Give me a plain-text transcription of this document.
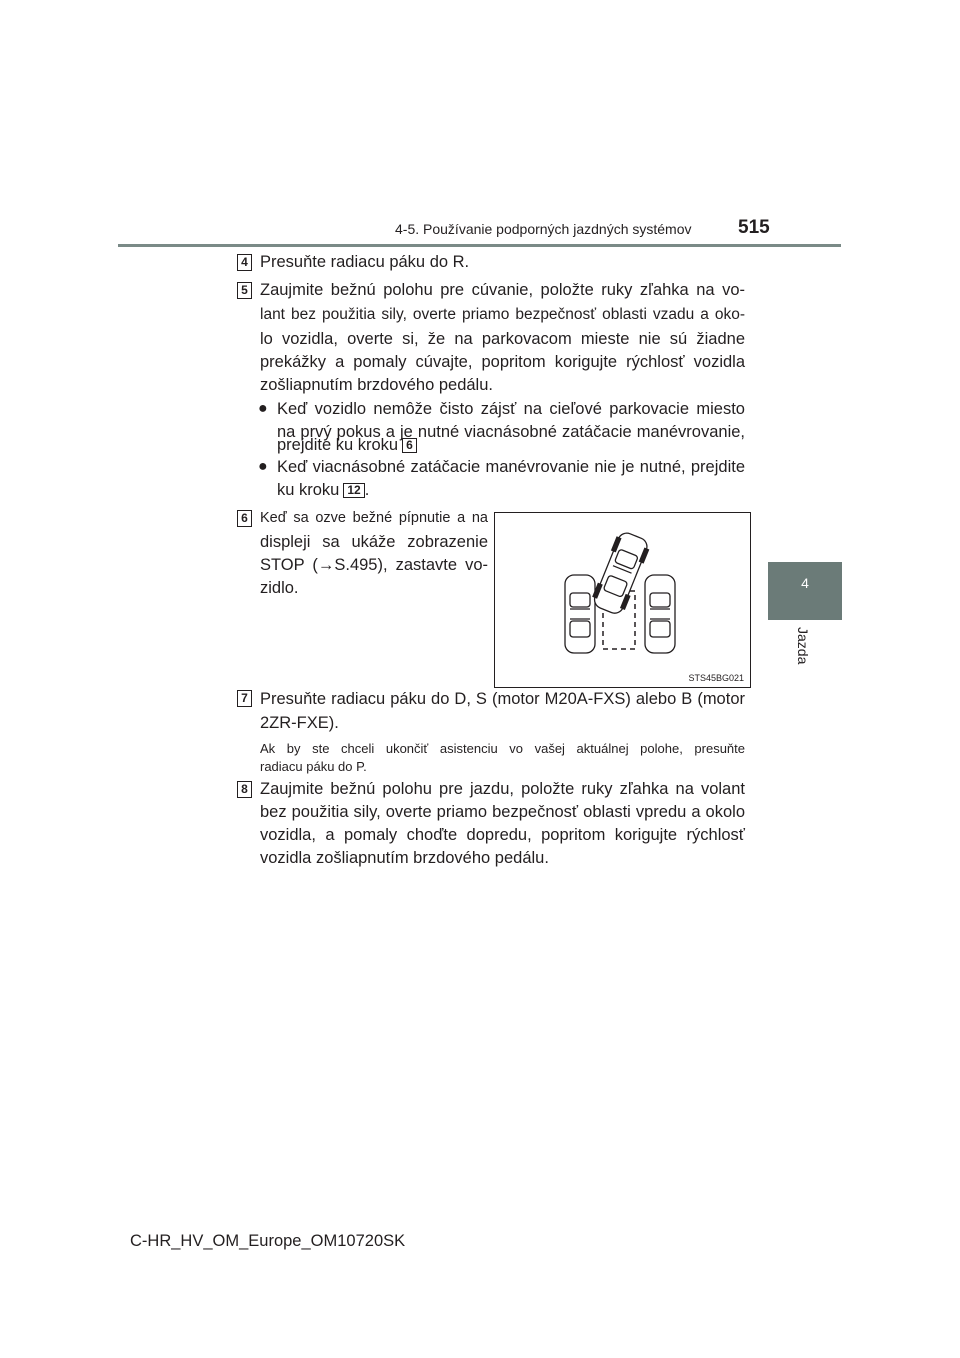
4-5. Používanie podporných jazdných systémov 515
4
Jazda
4 Presuňte radiacu páku do R.
5 Zaujmite bežnú polohu pre cúvanie, položte ruky zľahka na vo-
lant bez použitia sily, overte priamo bezpečnosť oblasti vzadu a oko-
lo vozidla, overte si, že na parkovacom mieste nie sú žiadne
prekážky a pomaly cúvajte, popritom korigujte rýchlosť vozidla
zošliapnutím brzdového pedálu.
● Keď vozidlo nemôže čisto zájsť na cieľové parkovacie miesto
na prvý pokus a je nutné viacnásobné zatáčacie manévrovanie,
prejdite ku kroku 6
● Keď viacnásobné zatáčacie manévrovanie nie je nutné, prejdite
ku kroku 12 .
6 Keď sa ozve bežné pípnutie a na
displeji sa ukáže zobrazenie
STOP (→S.495), zastavte vo-
zidlo.
STS45BG021
7 Presuňte radiacu páku do D, S (motor M20A-FXS) alebo B (motor
2ZR-FXE).
Ak by ste chceli ukončiť asistenciu vo vašej aktuálnej polohe, presuňte
radiacu páku do P.
8 Zaujmite bežnú polohu pre jazdu, položte ruky zľahka na volant
bez použitia sily, overte priamo bezpečnosť oblasti vpredu a okolo
vozidla, a pomaly choďte dopredu, popritom korigujte rýchlosť
vozidla zošliapnutím brzdového pedálu.
C-HR_HV_OM_Europe_OM10720SK
